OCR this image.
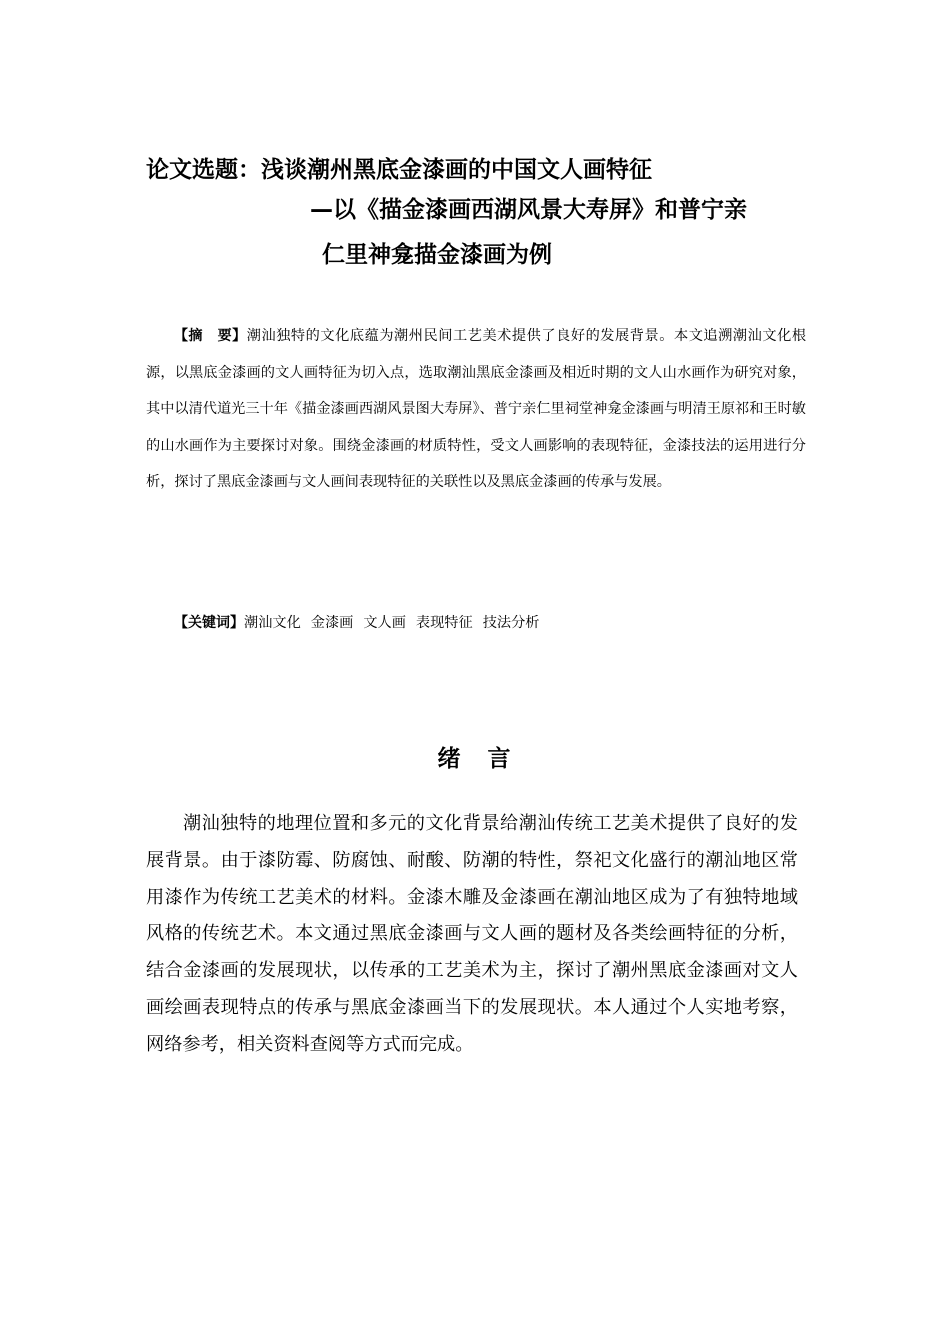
论文选题：浅谈潮州黑底金漆画的中国文人画特征
—以《描金漆画西湖风景大寿屏》和普宁亲
仁里神龛描金漆画为例
【摘　要】潮汕独特的文化底蕴为潮州民间工艺美术提供了良好的发展背景。本文追溯潮汕文化根源，以黑底金漆画的文人画特征为切入点，选取潮汕黑底金漆画及相近时期的文人山水画作为研究对象，其中以清代道光三十年《描金漆画西湖风景图大寿屏》、普宁亲仁里祠堂神龛金漆画与明清王原祁和王时敏的山水画作为主要探讨对象。围绕金漆画的材质特性，受文人画影响的表现特征，金漆技法的运用进行分析，探讨了黑底金漆画与文人画间表现特征的关联性以及黑底金漆画的传承与发展。
【关键词】潮汕文化 金漆画 文人画 表现特征 技法分析
绪　言
潮汕独特的地理位置和多元的文化背景给潮汕传统工艺美术提供了良好的发展背景。由于漆防霉、防腐蚀、耐酸、防潮的特性，祭祀文化盛行的潮汕地区常用漆作为传统工艺美术的材料。金漆木雕及金漆画在潮汕地区成为了有独特地域风格的传统艺术。本文通过黑底金漆画与文人画的题材及各类绘画特征的分析，结合金漆画的发展现状，以传承的工艺美术为主，探讨了潮州黑底金漆画对文人画绘画表现特点的传承与黑底金漆画当下的发展现状。本人通过个人实地考察，网络参考，相关资料查阅等方式而完成。
